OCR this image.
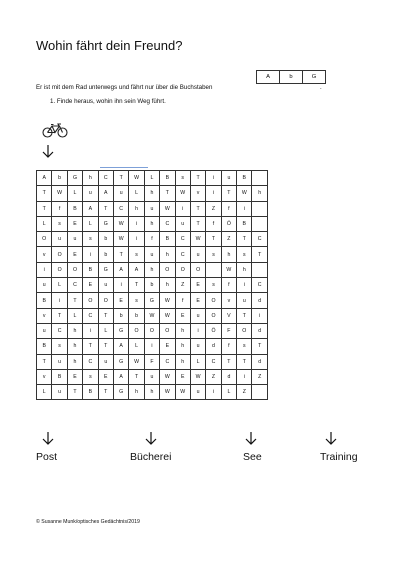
Wohin fährt dein Freund?
Er ist mit dem Rad unterwegs und fährt nur über die Buchstaben
A	b	G
.
1. Finde heraus, wohin ihn sein Weg führt.
A	b	G	h	C	T	W	L	B	s	T	i	u	B	
T	W	L	u	A	u	L	h	T	W	v	i	T	W	h
T	f	B	A	T	C	h	u	W	i	T	Z	f	i	
L	s	E	L	G	W	i	h	C	u	T	f	Ö	B	
O	u	u	s	b	W	i	f	B	C	W	T	Z	T	C
v	O	E	i	b	T	s	u	h	C	u	s	h	s	T
i	O	O	B	G	A	A	h	O	O	O		W	h	
u	L	C	E	u	i	T	b	h	Z	E	s	f	i	C
B	i	T	O	O	E	s	G	W	f	E	O	v	u	d
v	T	L	C	T	b	b	W	W	E	u	O	V	T	i
u	C	h	i	L	G	O	O	O	h	i	Ö	F	O	d
B	s	h	T	T	A	L	i	E	h	u	d	f	s	T
T	u	h	C	u	G	W	F	C	h	L	C	T	T	d
v	B	E	s	E	A	T	u	W	E	W	Z	d	i	Z
L	u	T	B	T	G	h	h	W	W	u	i	L	Z	
Post	Bücherei	See	Training
© Susanne Munk/optisches Gedächtnis/2019
